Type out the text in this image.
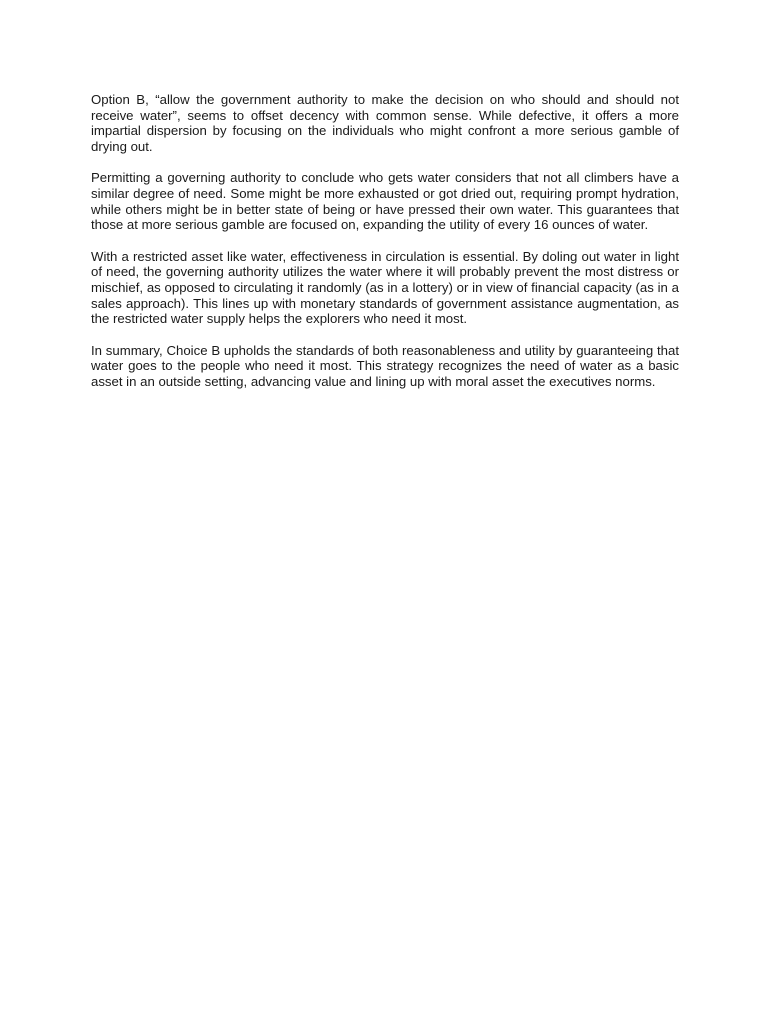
Option B, “allow the government authority to make the decision on who should and should not receive water”, seems to offset decency with common sense. While defective, it offers a more impartial dispersion by focusing on the individuals who might confront a more serious gamble of drying out.

Permitting a governing authority to conclude who gets water considers that not all climbers have a similar degree of need. Some might be more exhausted or got dried out, requiring prompt hydration, while others might be in better state of being or have pressed their own water. This guarantees that those at more serious gamble are focused on, expanding the utility of every 16 ounces of water.

With a restricted asset like water, effectiveness in circulation is essential. By doling out water in light of need, the governing authority utilizes the water where it will probably prevent the most distress or mischief, as opposed to circulating it randomly (as in a lottery) or in view of financial capacity (as in a sales approach). This lines up with monetary standards of government assistance augmentation, as the restricted water supply helps the explorers who need it most.

In summary, Choice B upholds the standards of both reasonableness and utility by guaranteeing that water goes to the people who need it most. This strategy recognizes the need of water as a basic asset in an outside setting, advancing value and lining up with moral asset the executives norms.
